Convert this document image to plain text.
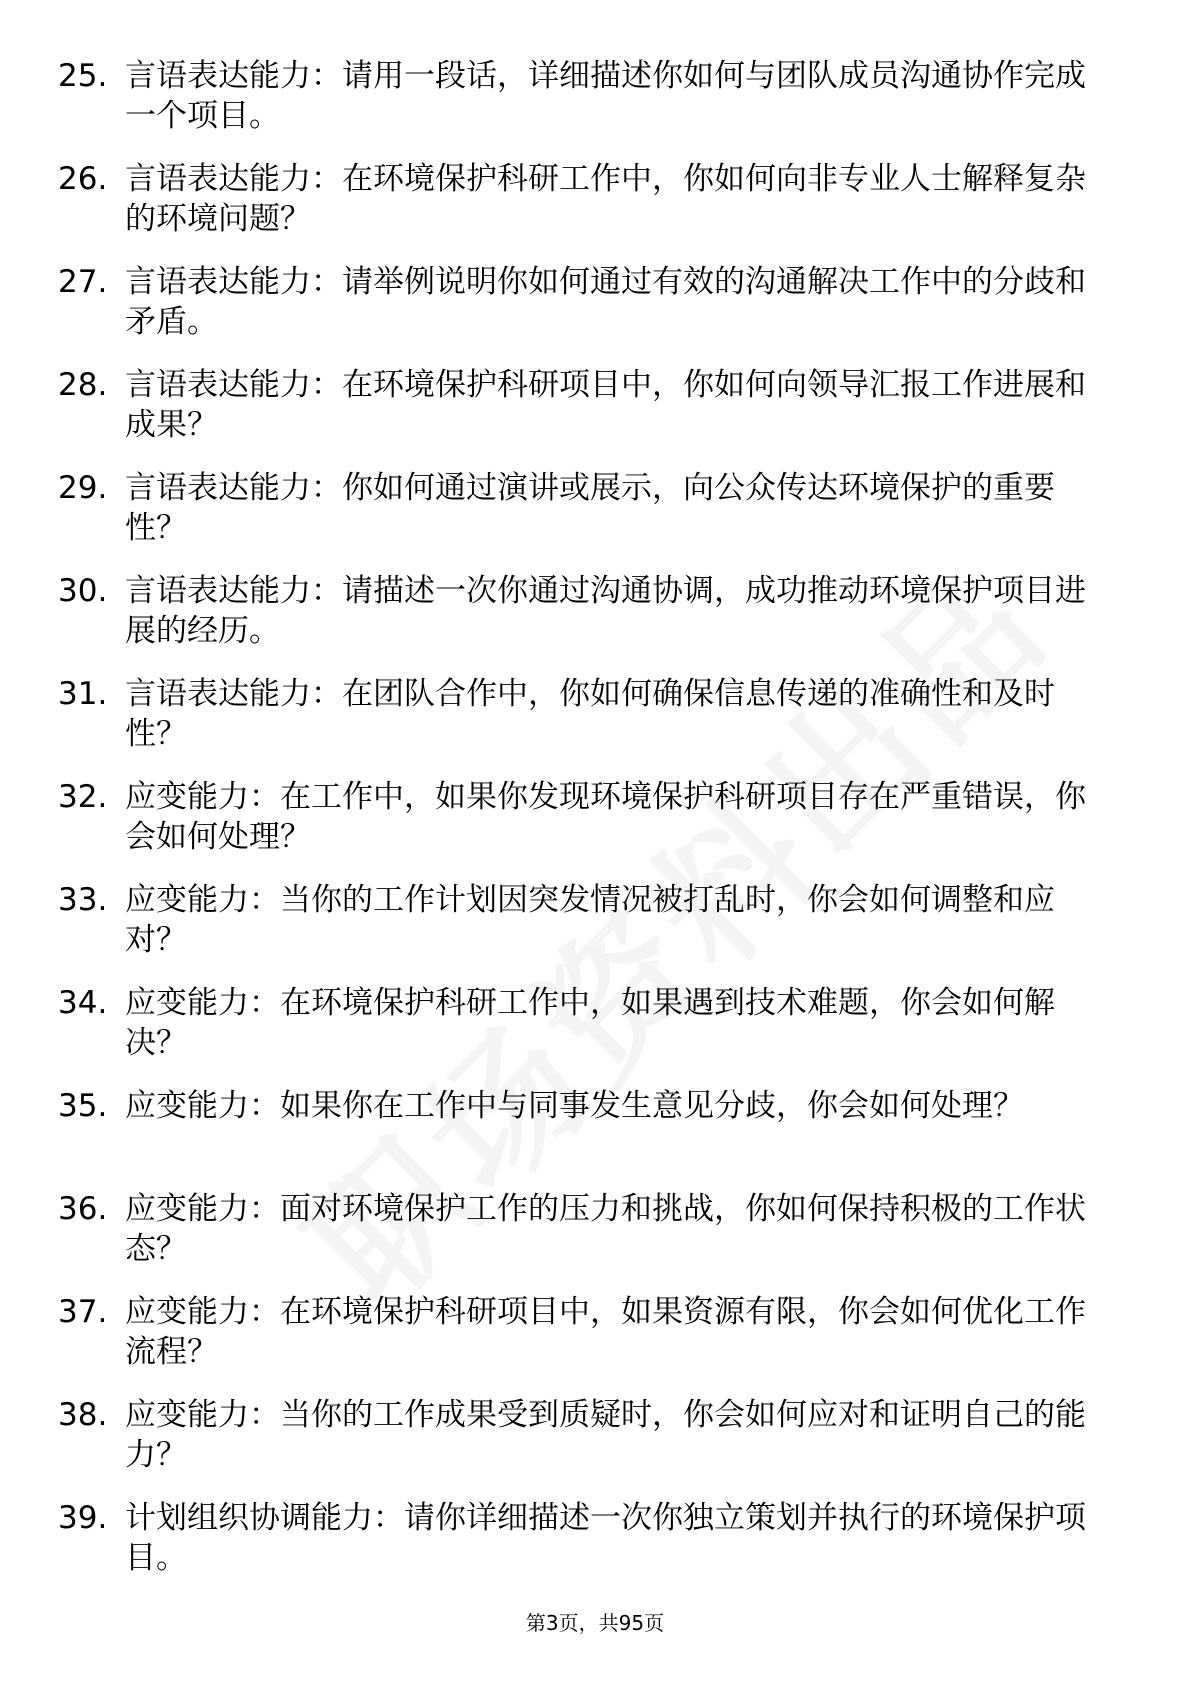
25. 言语表达能力：请用一段话，详细描述你如何与团队成员沟通协作完成一个项目。
26. 言语表达能力：在环境保护科研工作中，你如何向非专业人士解释复杂的环境问题？
27. 言语表达能力：请举例说明你如何通过有效的沟通解决工作中的分歧和矛盾。
28. 言语表达能力：在环境保护科研项目中，你如何向领导汇报工作进展和成果？
29. 言语表达能力：你如何通过演讲或展示，向公众传达环境保护的重要性？
30. 言语表达能力：请描述一次你通过沟通协调，成功推动环境保护项目进展的经历。
31. 言语表达能力：在团队合作中，你如何确保信息传递的准确性和及时性？
32. 应变能力：在工作中，如果你发现环境保护科研项目存在严重错误，你会如何处理？
33. 应变能力：当你的工作计划因突发情况被打乱时，你会如何调整和应对？
34. 应变能力：在环境保护科研工作中，如果遇到技术难题，你会如何解决？
35. 应变能力：如果你在工作中与同事发生意见分歧，你会如何处理？
36. 应变能力：面对环境保护工作的压力和挑战，你如何保持积极的工作状态？
37. 应变能力：在环境保护科研项目中，如果资源有限，你会如何优化工作流程？
38. 应变能力：当你的工作成果受到质疑时，你会如何应对和证明自己的能力？
39. 计划组织协调能力：请你详细描述一次你独立策划并执行的环境保护项目。
第3页，共95页
